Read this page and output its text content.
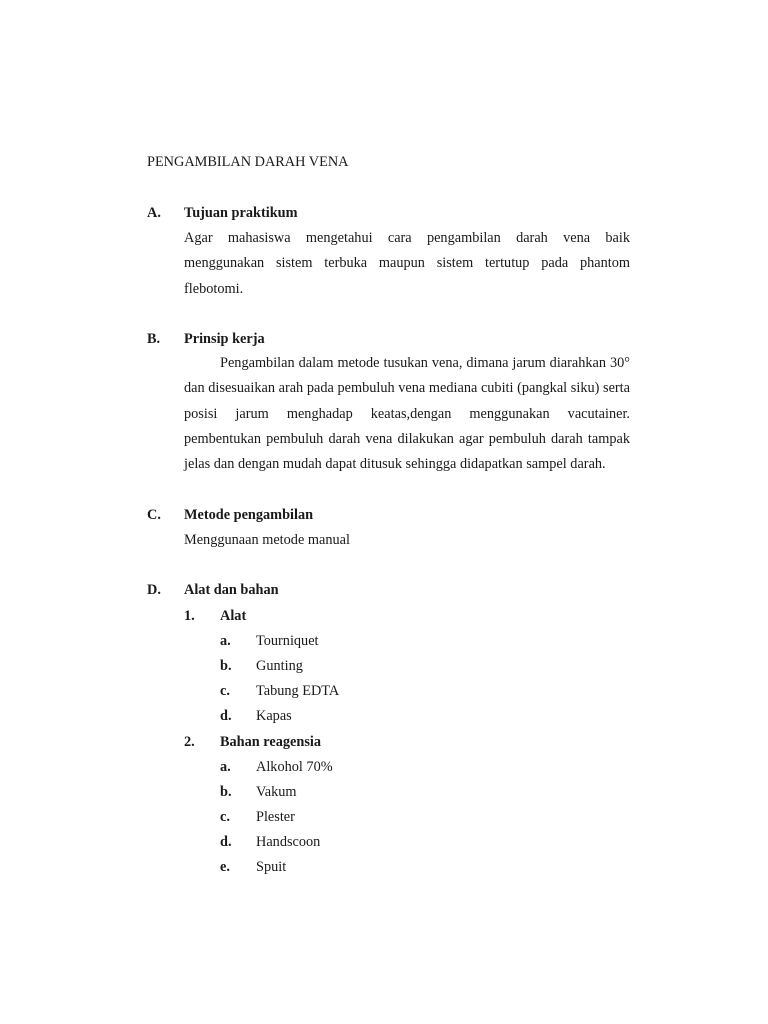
PENGAMBILAN DARAH VENA
A. Tujuan praktikum
Agar mahasiswa mengetahui cara pengambilan darah vena baik menggunakan sistem terbuka maupun sistem tertutup pada phantom flebotomi.
B. Prinsip kerja
Pengambilan dalam metode tusukan vena, dimana jarum diarahkan 30° dan disesuaikan arah pada pembuluh vena mediana cubiti (pangkal siku) serta posisi jarum menghadap keatas,dengan menggunakan vacutainer. pembentukan pembuluh darah vena dilakukan agar pembuluh darah tampak jelas dan dengan mudah dapat ditusuk sehingga didapatkan sampel darah.
C. Metode pengambilan
Menggunaan metode manual
D. Alat dan bahan
1. Alat
a. Tourniquet
b. Gunting
c. Tabung EDTA
d. Kapas
2. Bahan reagensia
a. Alkohol 70%
b. Vakum
c. Plester
d. Handscoon
e. Spuit
